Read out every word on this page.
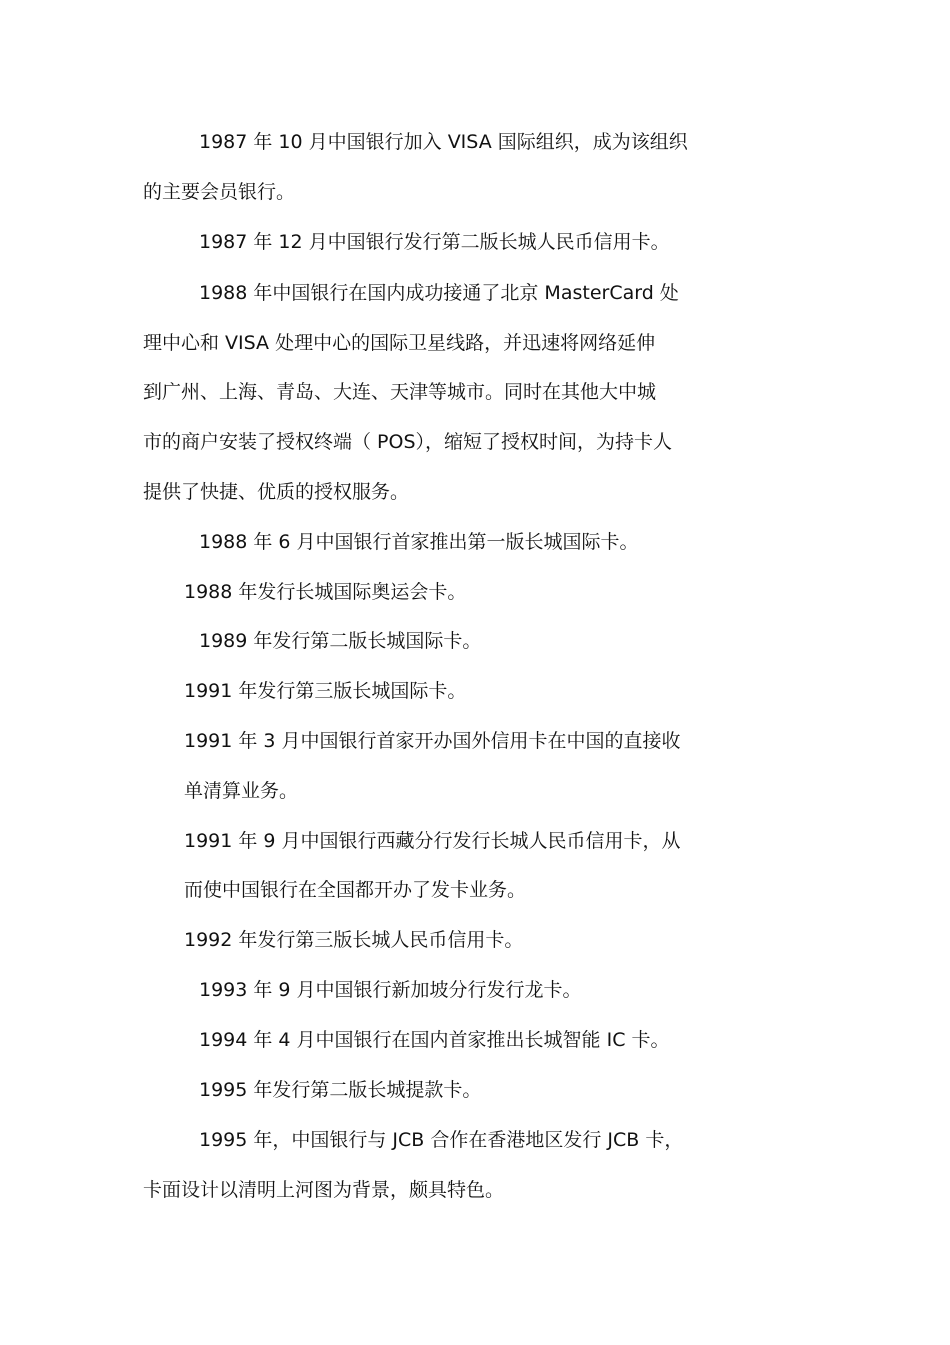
1987 年 10 月中国银行加入 VISA 国际组织，成为该组织
的主要会员银行。
1987 年 12 月中国银行发行第二版长城人民币信用卡。
1988 年中国银行在国内成功接通了北京 MasterCard 处
理中心和 VISA 处理中心的国际卫星线路，并迅速将网络延伸
到广州、上海、青岛、大连、天津等城市。同时在其他大中城
市的商户安装了授权终端（ POS），缩短了授权时间，为持卡人
提供了快捷、优质的授权服务。
1988 年 6 月中国银行首家推出第一版长城国际卡。
1988 年发行长城国际奥运会卡。
1989 年发行第二版长城国际卡。
1991 年发行第三版长城国际卡。
1991 年 3 月中国银行首家开办国外信用卡在中国的直接收
单清算业务。
1991 年 9 月中国银行西藏分行发行长城人民币信用卡，从
而使中国银行在全国都开办了发卡业务。
1992 年发行第三版长城人民币信用卡。
1993 年 9 月中国银行新加坡分行发行龙卡。
1994 年 4 月中国银行在国内首家推出长城智能 IC 卡。
1995 年发行第二版长城提款卡。
1995 年，中国银行与 JCB 合作在香港地区发行 JCB 卡，
卡面设计以清明上河图为背景，颇具特色。
